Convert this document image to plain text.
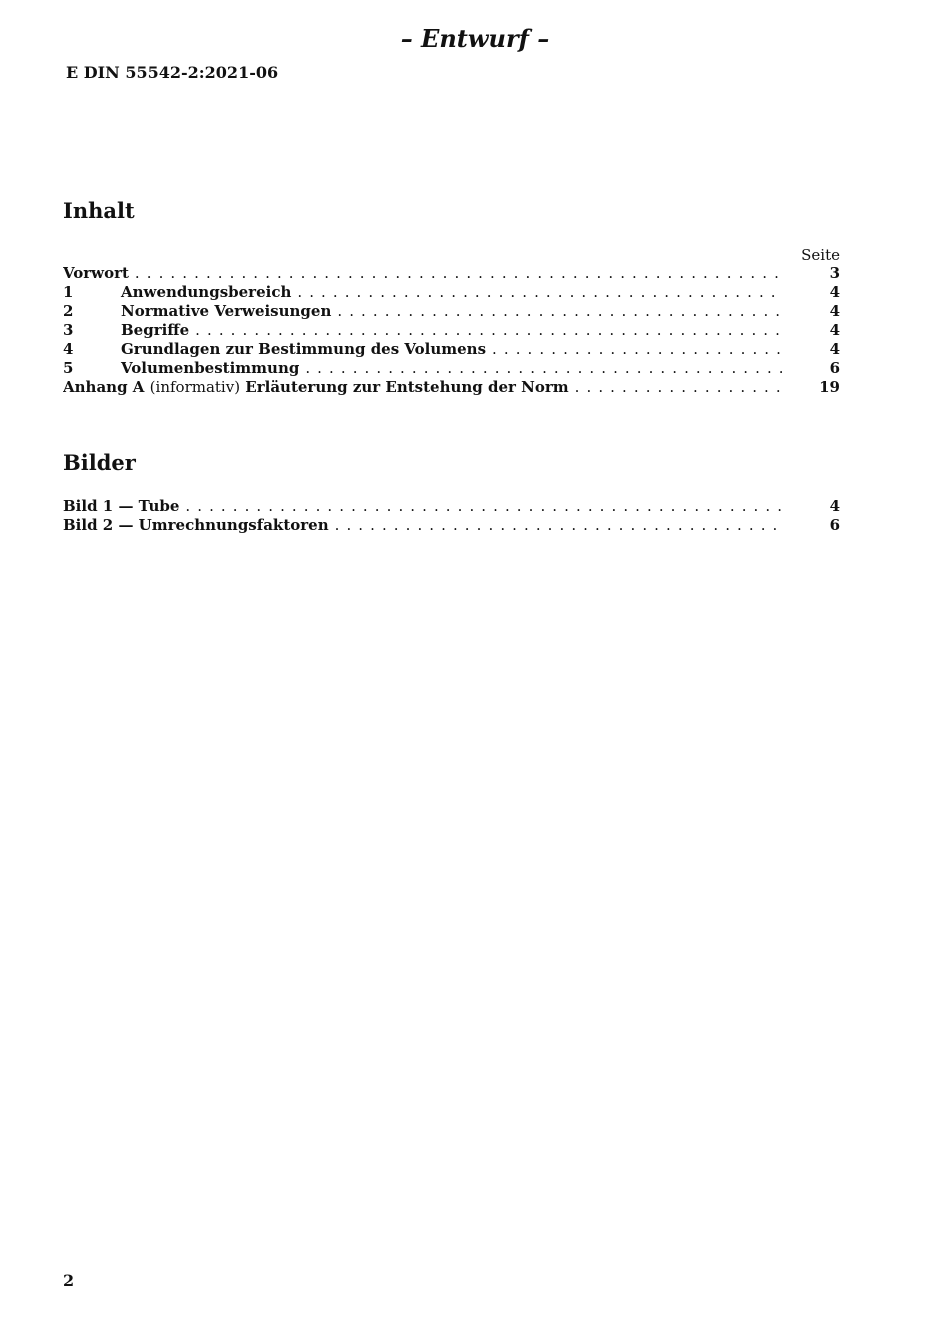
– Entwurf –
E DIN 55542-2:2021-06
Inhalt
Seite
Vorwort . . .	3
1	Anwendungsbereich . . .	4
2	Normative Verweisungen . . .	4
3	Begriffe . . .	4
4	Grundlagen zur Bestimmung des Volumens . . .	4
5	Volumenbestimmung . . .	6
Anhang A (informativ) Erläuterung zur Entstehung der Norm . . .	19
Bilder
Bild 1 — Tube . . .	4
Bild 2 — Umrechnungsfaktoren . . .	6
2
